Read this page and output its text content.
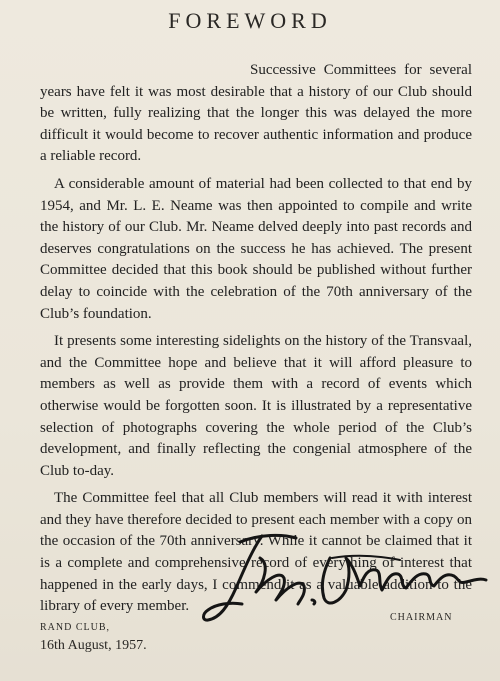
FOREWORD

Successive Committees for several years have felt it was most desirable that a history of our Club should be written, fully realizing that the longer this was delayed the more difficult it would become to recover authentic information and produce a reliable record.

A considerable amount of material had been collected to that end by 1954, and Mr. L. E. Neame was then appointed to compile and write the history of our Club. Mr. Neame delved deeply into past records and deserves congratulations on the success he has achieved. The present Committee decided that this book should be published without further delay to coincide with the celebration of the 70th anniversary of the Club’s foundation.

It presents some interesting sidelights on the history of the Transvaal, and the Committee hope and believe that it will afford pleasure to members as well as provide them with a record of events which otherwise would be forgotten soon. It is illustrated by a representative selection of photographs covering the whole period of the Club’s development, and finally reflecting the congenial atmosphere of the Club to-day.

The Committee feel that all Club members will read it with interest and they have therefore decided to present each member with a copy on the occasion of the 70th anniversary. While it cannot be claimed that it is a complete and comprehensive record of everything of interest that happened in the early days, I commend it as a valuable addition to the library of every member.

CHAIRMAN
RAND CLUB,
16th August, 1957.
